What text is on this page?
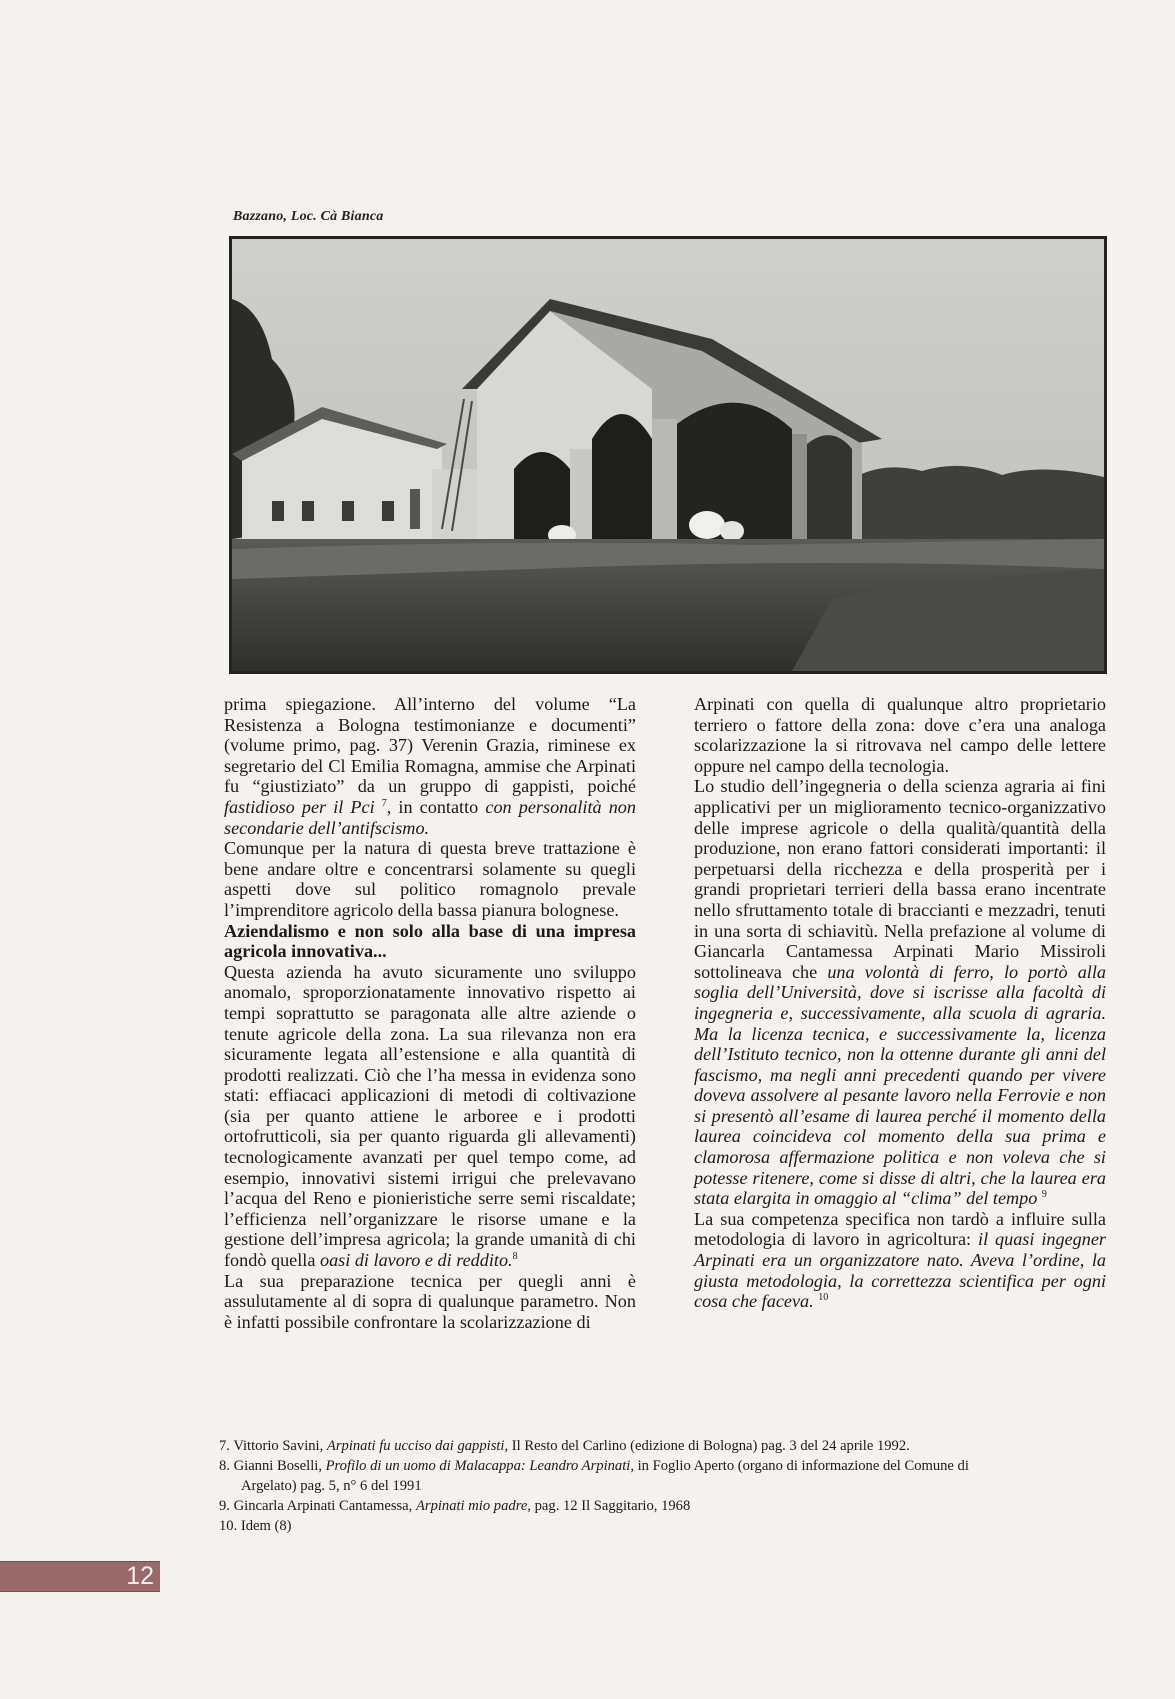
Bazzano, Loc. Cà Bianca

prima spiegazione. All’interno del volume “La Resistenza a Bologna testimonianze e documenti” (volume primo, pag. 37) Verenin Grazia, riminese ex segretario del Cl Emilia Romagna, ammise che Arpinati fu “giustiziato” da un gruppo di gappisti, poiché fastidioso per il Pci $^7$, in contatto con personalità non secondarie dell’antifscismo.

Comunque per la natura di questa breve trattazione è bene andare oltre e concentrarsi solamente su quegli aspetti dove sul politico romagnolo prevale l’imprenditore agricolo della bassa pianura bolognese.

Aziendalismo e non solo alla base di una impresa agricola innovativa...

Questa azienda ha avuto sicuramente uno sviluppo anomalo, sproporzionatamente innovativo rispetto ai tempi soprattutto se paragonata alle altre aziende o tenute agricole della zona. La sua rilevanza non era sicuramente legata all’estensione e alla quantità di prodotti realizzati. Ciò che l’ha messa in evidenza sono stati: effiacaci applicazioni di metodi di coltivazione (sia per quanto attiene le arboree e i prodotti ortofrutticoli, sia per quanto riguarda gli allevamenti) tecnologicamente avanzati per quel tempo come, ad esempio, innovativi sistemi irrigui che prelevavano l’acqua del Reno e pionieristiche serre semi riscaldate; l’efficienza nell’organizzare le risorse umane e la gestione dell’impresa agricola; la grande umanità di chi fondò quella oasi di lavoro e di reddito.$^8$

La sua preparazione tecnica per quegli anni è assulutamente al di sopra di qualunque parametro. Non è infatti possibile confrontare la scolarizzazione di

Arpinati con quella di qualunque altro proprietario terriero o fattore della zona: dove c’era una analoga scolarizzazione la si ritrovava nel campo delle lettere oppure nel campo della tecnologia.

Lo studio dell’ingegneria o della scienza agraria ai fini applicativi per un miglioramento tecnico-organizzativo delle imprese agricole o della qualità/quantità della produzione, non erano fattori considerati importanti: il perpetuarsi della ricchezza e della prosperità per i grandi proprietari terrieri della bassa erano incentrate nello sfruttamento totale di braccianti e mezzadri, tenuti in una sorta di schiavitù. Nella prefazione al volume di Giancarla Cantamessa Arpinati Mario Missiroli sottolineava che una volontà di ferro, lo portò alla soglia dell’Università, dove si iscrisse alla facoltà di ingegneria e, successivamente, alla scuola di agraria. Ma la licenza tecnica, e successivamente la, licenza dell’Istituto tecnico, non la ottenne durante gli anni del fascismo, ma negli anni precedenti quando per vivere doveva assolvere al pesante lavoro nella Ferrovie e non si presentò all’esame di laurea perché il momento della laurea coincideva col momento della sua prima e clamorosa affermazione politica e non voleva che si potesse ritenere, come si disse di altri, che la laurea era stata elargita in omaggio al “clima” del tempo $^9$

La sua competenza specifica non tardò a influire sulla metodologia di lavoro in agricoltura: il quasi ingegner Arpinati era un organizzatore nato. Aveva l’ordine, la giusta metodologia, la correttezza scientifica per ogni cosa che faceva. $^{10}$

7. Vittorio Savini, Arpinati fu ucciso dai gappisti, Il Resto del Carlino (edizione di Bologna) pag. 3 del 24 aprile 1992.

8. Gianni Boselli, Profilo di un uomo di Malacappa: Leandro Arpinati, in Foglio Aperto (organo di informazione del Comune di

Argelato) pag. 5, n° 6 del 1991

9. Gincarla Arpinati Cantamessa, Arpinati mio padre, pag. 12 Il Saggitario, 1968

10. Idem (8)

12
